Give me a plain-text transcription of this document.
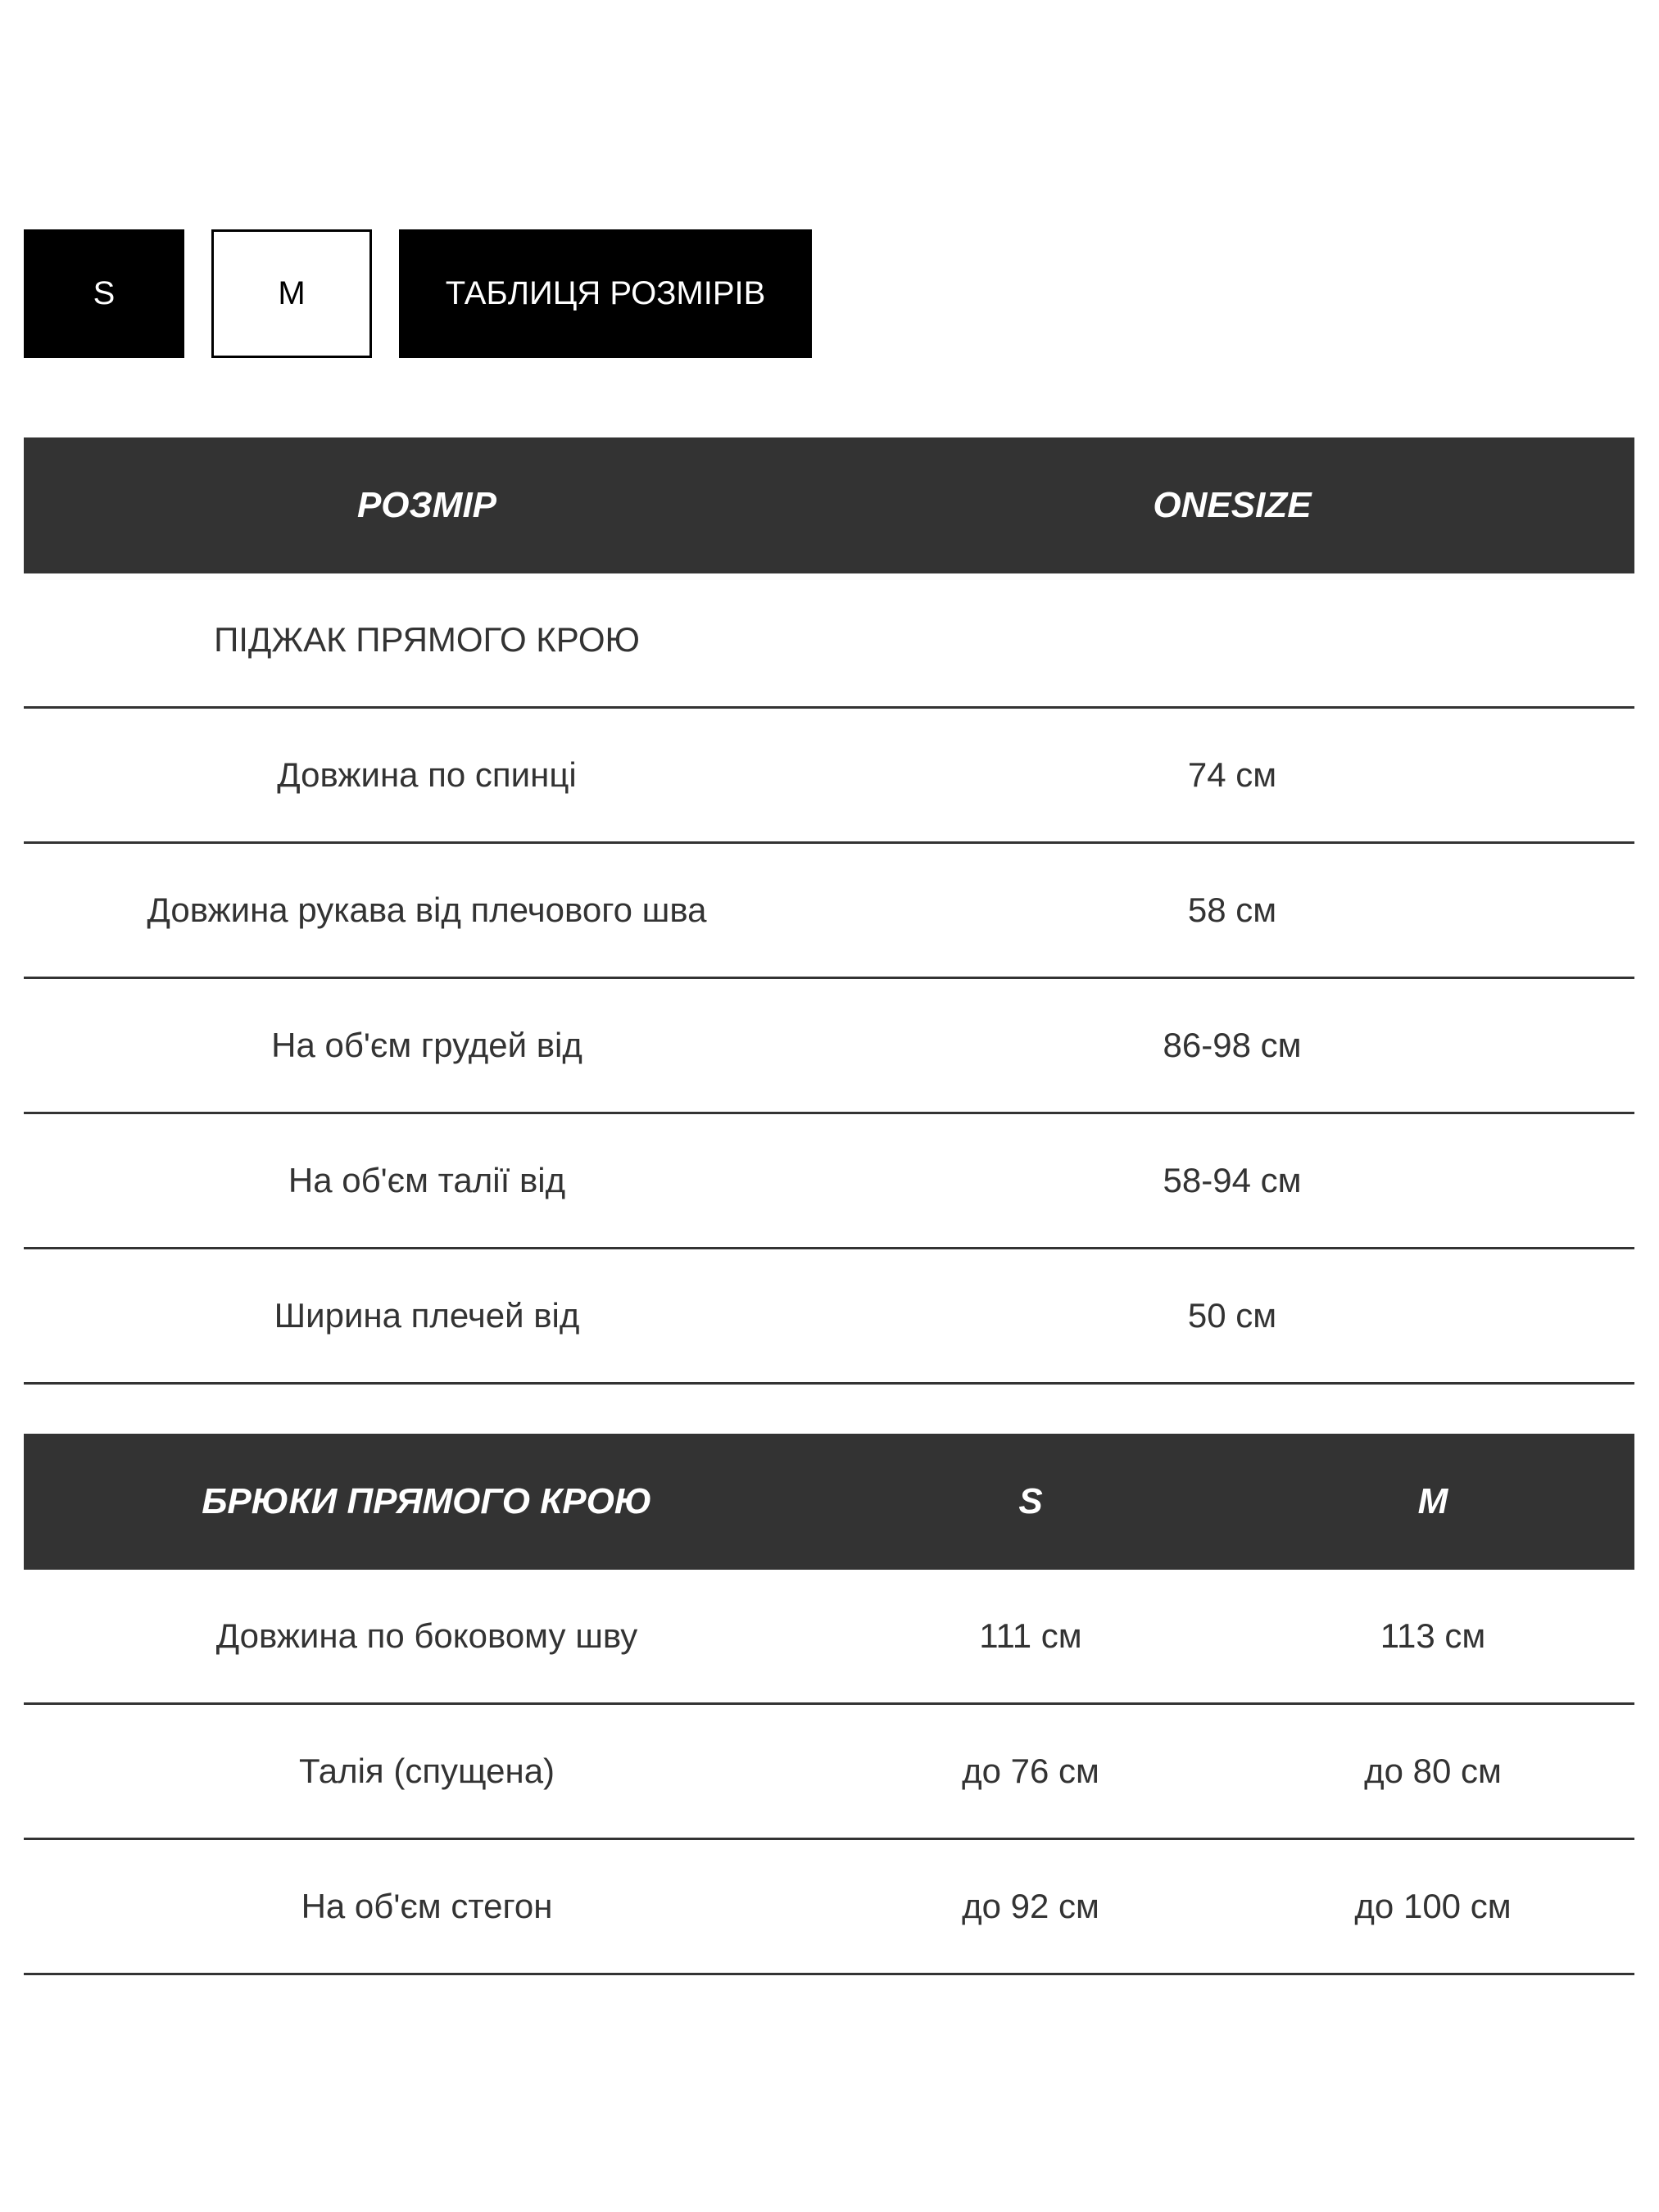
S	M	ТАБЛИЦЯ РОЗМІРІВ
РОЗМІР	ONESIZE
ПІДЖАК ПРЯМОГО КРОЮ	
Довжина по спинці	74 см
Довжина рукава від плечового шва	58 см
На об'єм грудей від	86-98 см
На об'єм талії від	58-94 см
Ширина плечей від	50 см
БРЮКИ ПРЯМОГО КРОЮ	S	M
Довжина по боковому шву	111 см	113 см
Талія (спущена)	до 76 см	до 80 см
На об'єм стегон	до 92 см	до 100 см
